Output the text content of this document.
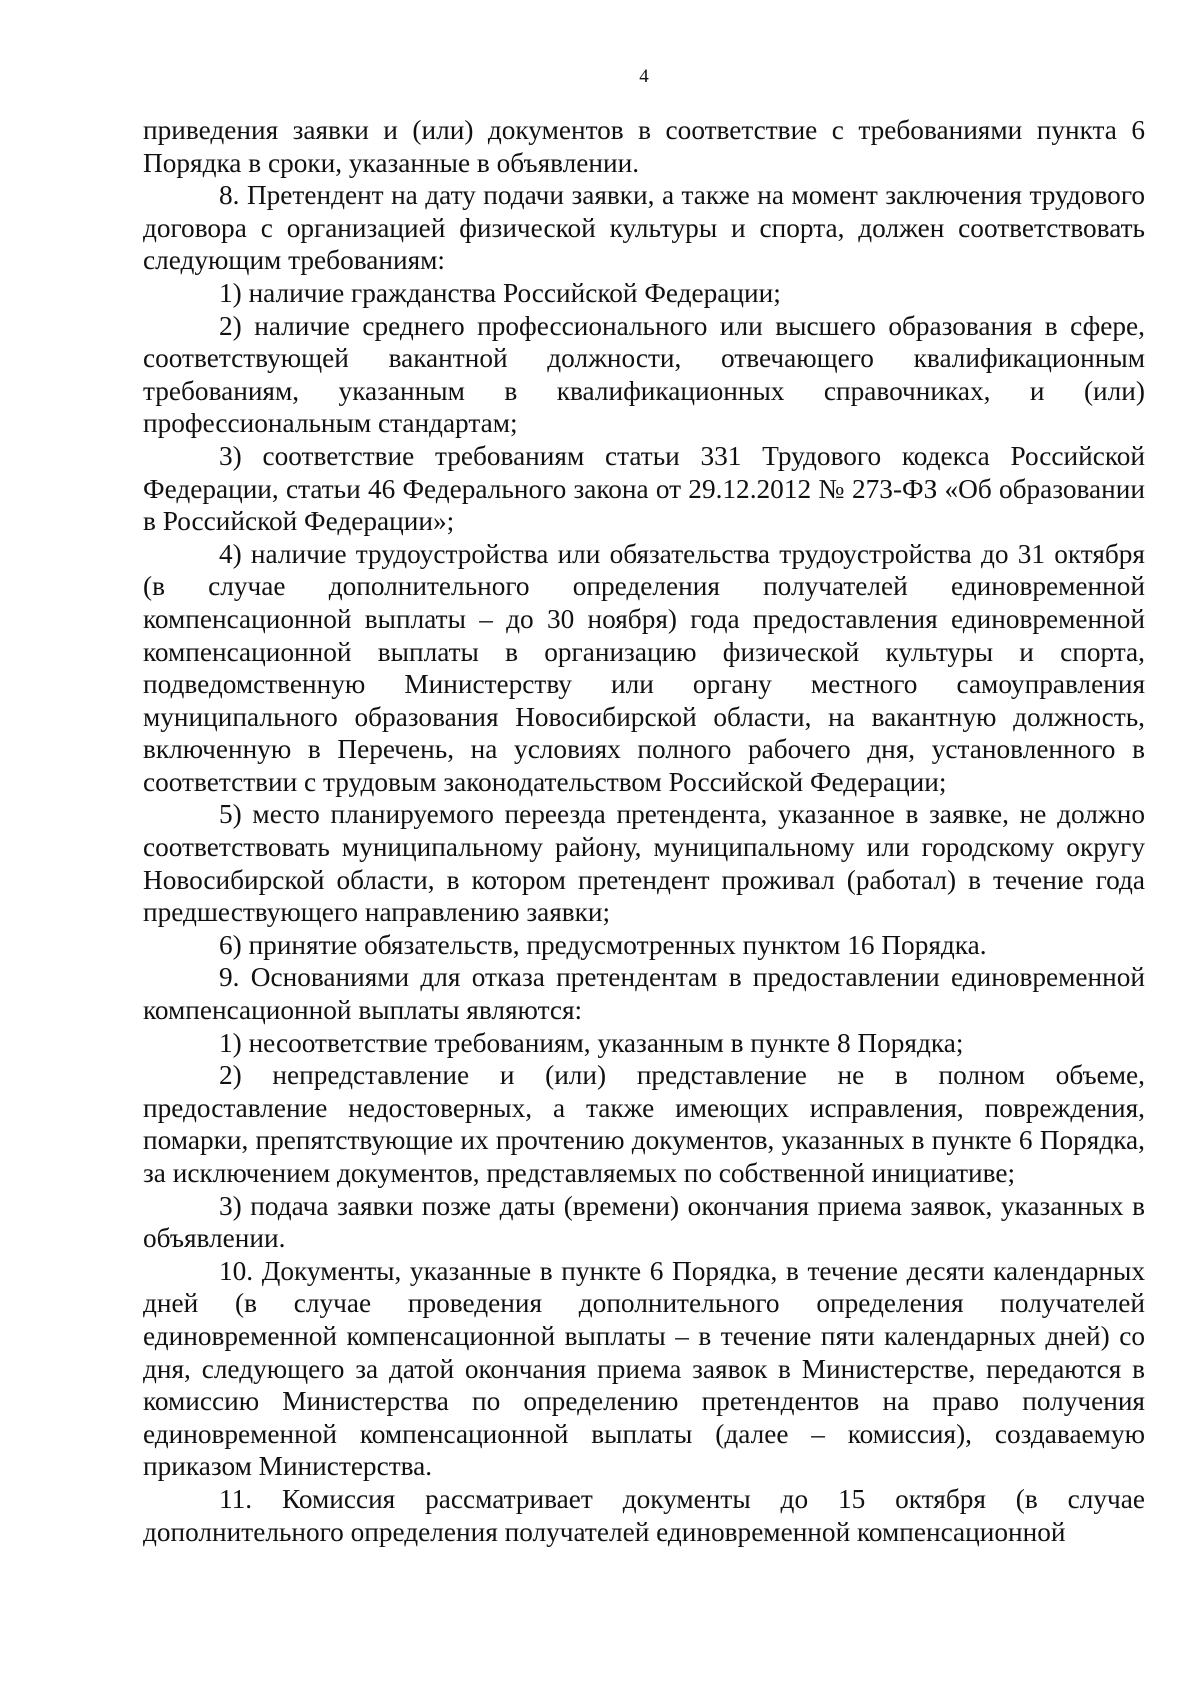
4

приведения заявки и (или) документов в соответствие с требованиями пункта 6 Порядка в сроки, указанные в объявлении.

8. Претендент на дату подачи заявки, а также на момент заключения трудового договора с организацией физической культуры и спорта, должен соответствовать следующим требованиям:

1) наличие гражданства Российской Федерации;

2) наличие среднего профессионального или высшего образования в сфере, соответствующей вакантной должности, отвечающего квалификационным требованиям, указанным в квалификационных справочниках, и (или) профессиональным стандартам;

3) соответствие требованиям статьи 331 Трудового кодекса Российской Федерации, статьи 46 Федерального закона от 29.12.2012 № 273-ФЗ «Об образовании в Российской Федерации»;

4) наличие трудоустройства или обязательства трудоустройства до 31 октября (в случае дополнительного определения получателей единовременной компенсационной выплаты – до 30 ноября) года предоставления единовременной компенсационной выплаты в организацию физической культуры и спорта, подведомственную Министерству или органу местного самоуправления муниципального образования Новосибирской области, на вакантную должность, включенную в Перечень, на условиях полного рабочего дня, установленного в соответствии с трудовым законодательством Российской Федерации;

5) место планируемого переезда претендента, указанное в заявке, не должно соответствовать муниципальному району, муниципальному или городскому округу Новосибирской области, в котором претендент проживал (работал) в течение года предшествующего направлению заявки;

6) принятие обязательств, предусмотренных пунктом 16 Порядка.

9. Основаниями для отказа претендентам в предоставлении единовременной компенсационной выплаты являются:

1) несоответствие требованиям, указанным в пункте 8 Порядка;

2) непредставление и (или) представление не в полном объеме, предоставление недостоверных, а также имеющих исправления, повреждения, помарки, препятствующие их прочтению документов, указанных в пункте 6 Порядка, за исключением документов, представляемых по собственной инициативе;

3) подача заявки позже даты (времени) окончания приема заявок, указанных в объявлении.

10. Документы, указанные в пункте 6 Порядка, в течение десяти календарных дней (в случае проведения дополнительного определения получателей единовременной компенсационной выплаты – в течение пяти календарных дней) со дня, следующего за датой окончания приема заявок в Министерстве, передаются в комиссию Министерства по определению претендентов на право получения единовременной компенсационной выплаты (далее – комиссия), создаваемую приказом Министерства.

11. Комиссия рассматривает документы до 15 октября (в случае дополнительного определения получателей единовременной компенсационной
